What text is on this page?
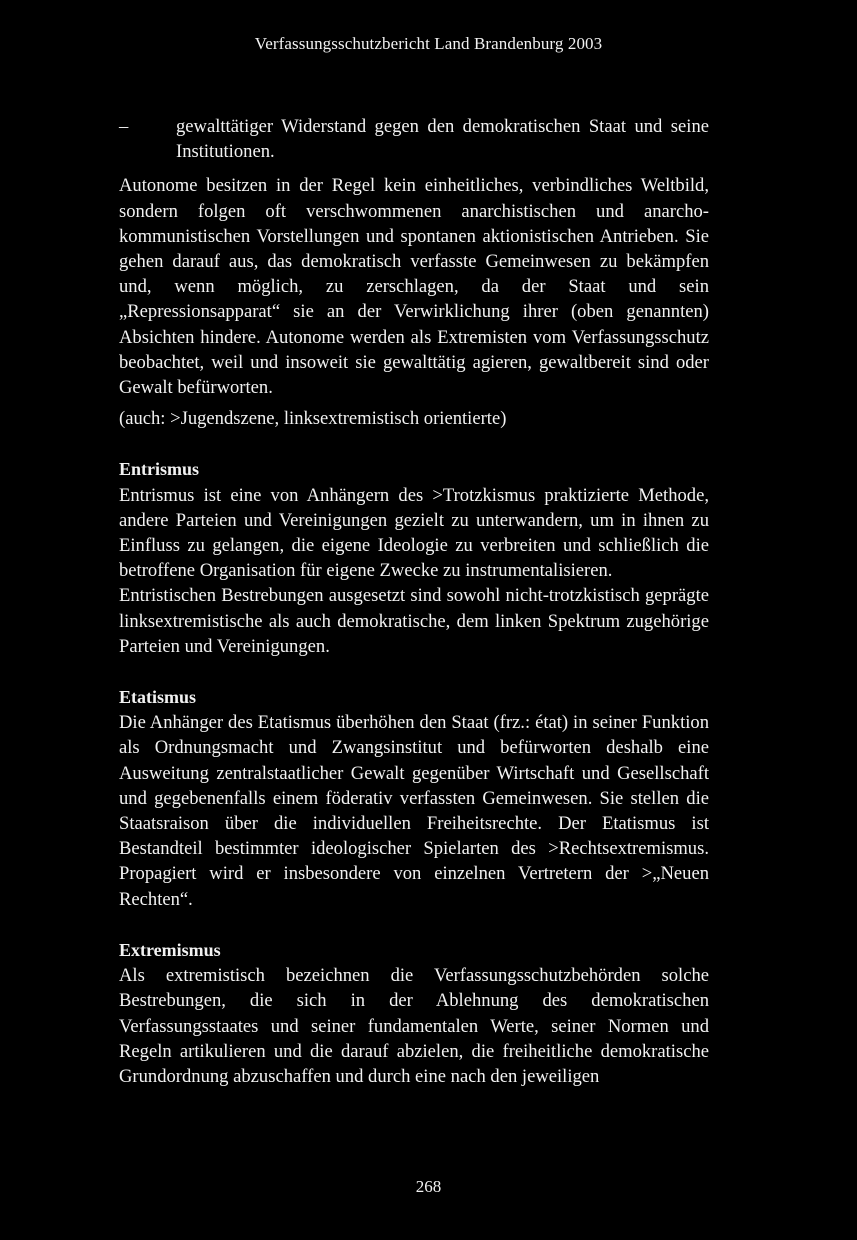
Verfassungsschutzbericht Land Brandenburg 2003
–	gewalttätiger Widerstand gegen den demokratischen Staat und seine Institutionen.

Autonome besitzen in der Regel kein einheitliches, verbindliches Weltbild, sondern folgen oft verschwommenen anarchistischen und anarcho-kommunistischen Vorstellungen und spontanen aktionistischen Antrieben. Sie gehen darauf aus, das demokratisch verfasste Gemeinwesen zu bekämpfen und, wenn möglich, zu zerschlagen, da der Staat und sein „Repressionsapparat“ sie an der Verwirklichung ihrer (oben genannten) Absichten hindere. Autonome werden als Extremisten vom Verfassungsschutz beobachtet, weil und insoweit sie gewalttätig agieren, gewaltbereit sind oder Gewalt befürworten.

(auch: >Jugendszene, linksextremistisch orientierte)

Entrismus

Entrismus ist eine von Anhängern des >Trotzkismus praktizierte Methode, andere Parteien und Vereinigungen gezielt zu unterwandern, um in ihnen zu Einfluss zu gelangen, die eigene Ideologie zu verbreiten und schließlich die betroffene Organisation für eigene Zwecke zu instrumentalisieren.

Entristischen Bestrebungen ausgesetzt sind sowohl nicht-trotzkistisch geprägte linksextremistische als auch demokratische, dem linken Spektrum zugehörige Parteien und Vereinigungen.

Etatismus

Die Anhänger des Etatismus überhöhen den Staat (frz.: état) in seiner Funktion als Ordnungsmacht und Zwangsinstitut und befürworten deshalb eine Ausweitung zentralstaatlicher Gewalt gegenüber Wirtschaft und Gesellschaft und gegebenenfalls einem föderativ verfassten Gemeinwesen. Sie stellen die Staatsraison über die individuellen Freiheitsrechte. Der Etatismus ist Bestandteil bestimmter ideologischer Spielarten des >Rechtsextremismus. Propagiert wird er insbesondere von einzelnen Vertretern der >„Neuen Rechten“.

Extremismus

Als extremistisch bezeichnen die Verfassungsschutzbehörden solche Bestrebungen, die sich in der Ablehnung des demokratischen Verfassungsstaates und seiner fundamentalen Werte, seiner Normen und Regeln artikulieren und die darauf abzielen, die freiheitliche demokratische Grundordnung abzuschaffen und durch eine nach den jeweiligen

268
